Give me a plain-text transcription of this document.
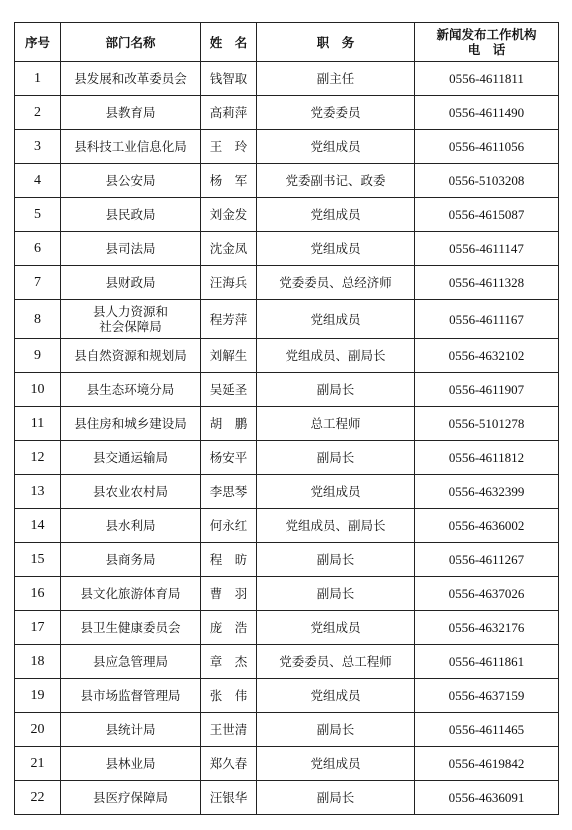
序号	部门名称	姓　名	职　务	新闻发布工作机构
电　话

1	县发展和改革委员会	钱智取	副主任	0556-4611811
2	县教育局	高莉萍	党委委员	0556-4611490
3	县科技工业信息化局	王　玲	党组成员	0556-4611056
4	县公安局	杨　军	党委副书记、政委	0556-5103208
5	县民政局	刘金发	党组成员	0556-4615087
6	县司法局	沈金凤	党组成员	0556-4611147
7	县财政局	汪海兵	党委委员、总经济师	0556-4611328
8	县人力资源和
社会保障局	程芳萍	党组成员	0556-4611167
9	县自然资源和规划局	刘解生	党组成员、副局长	0556-4632102
10	县生态环境分局	吴延圣	副局长	0556-4611907
11	县住房和城乡建设局	胡　鹏	总工程师	0556-5101278
12	县交通运输局	杨安平	副局长	0556-4611812
13	县农业农村局	李思琴	党组成员	0556-4632399
14	县水利局	何永红	党组成员、副局长	0556-4636002
15	县商务局	程　昉	副局长	0556-4611267
16	县文化旅游体育局	曹　羽	副局长	0556-4637026
17	县卫生健康委员会	庞　浩	党组成员	0556-4632176
18	县应急管理局	章　杰	党委委员、总工程师	0556-4611861
19	县市场监督管理局	张　伟	党组成员	0556-4637159
20	县统计局	王世清	副局长	0556-4611465
21	县林业局	郑久春	党组成员	0556-4619842
22	县医疗保障局	汪银华	副局长	0556-4636091
